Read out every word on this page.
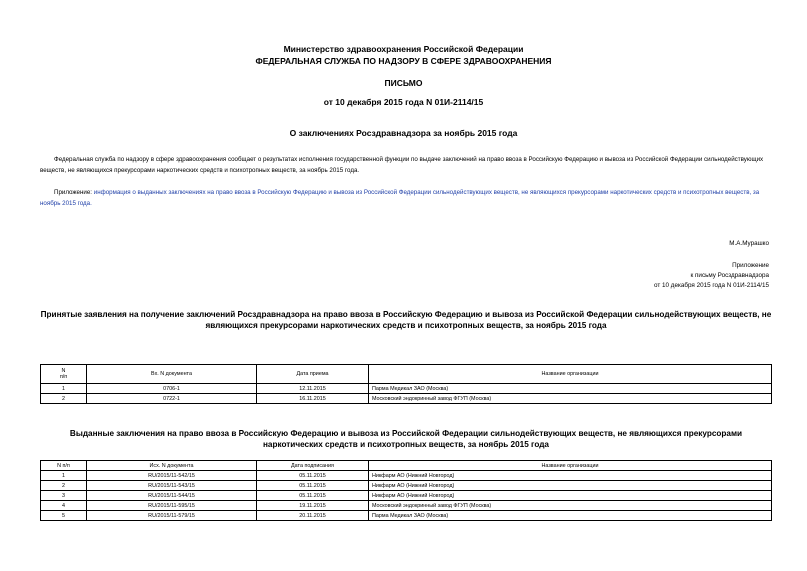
Министерство здравоохранения Российской Федерации
ФЕДЕРАЛЬНАЯ СЛУЖБА ПО НАДЗОРУ В СФЕРЕ ЗДРАВООХРАНЕНИЯ
ПИСЬМО
от 10 декабря 2015 года N 01И-2114/15
О заключениях Росздравнадзора за ноябрь 2015 года
Федеральная служба по надзору в сфере здравоохранения сообщает о результатах исполнения государственной функции по выдаче заключений на право ввоза в Российскую Федерацию и вывоза из Российской Федерации сильнодействующих веществ, не являющихся прекурсорами наркотических средств и психотропных веществ, за ноябрь 2015 года.
Приложение: информация о выданных заключениях на право ввоза в Российскую Федерацию и вывоза из Российской Федерации сильнодействующих веществ, не являющихся прекурсорами наркотических средств и психотропных веществ, за ноябрь 2015 года.
М.А.Мурашко
Приложение
к письму Росздравнадзора
от 10 декабря 2015 года N 01И-2114/15
Принятые заявления на получение заключений Росздравнадзора на право ввоза в Российскую Федерацию и вывоза из Российской Федерации сильнодействующих веществ, не являющихся прекурсорами наркотических средств и психотропных веществ, за ноябрь 2015 года
N
п/п	Вх. N документа	Дата приема	Название организации
1	0706-1	12.11.2015	Парма Медикал ЗАО (Москва)
2	0722-1	16.11.2015	Московский эндокринный завод ФГУП (Москва)
Выданные заключения на право ввоза в Российскую Федерацию и вывоза из Российской Федерации сильнодействующих веществ, не являющихся прекурсорами наркотических средств и психотропных веществ, за ноябрь 2015 года
N п/п	Исх. N документа	Дата подписания	Название организации
1	RU/2015/11-542/15	05.11.2015	Никфарм АО (Нижний Новгород)
2	RU/2015/11-543/15	05.11.2015	Никфарм АО (Нижний Новгород)
3	RU/2015/11-544/15	05.11.2015	Никфарм АО (Нижний Новгород)
4	RU/2015/11-595/15	19.11.2015	Московский эндокринный завод ФГУП (Москва)
5	RU/2015/11-579/15	20.11.2015	Парма Медикал ЗАО (Москва)
